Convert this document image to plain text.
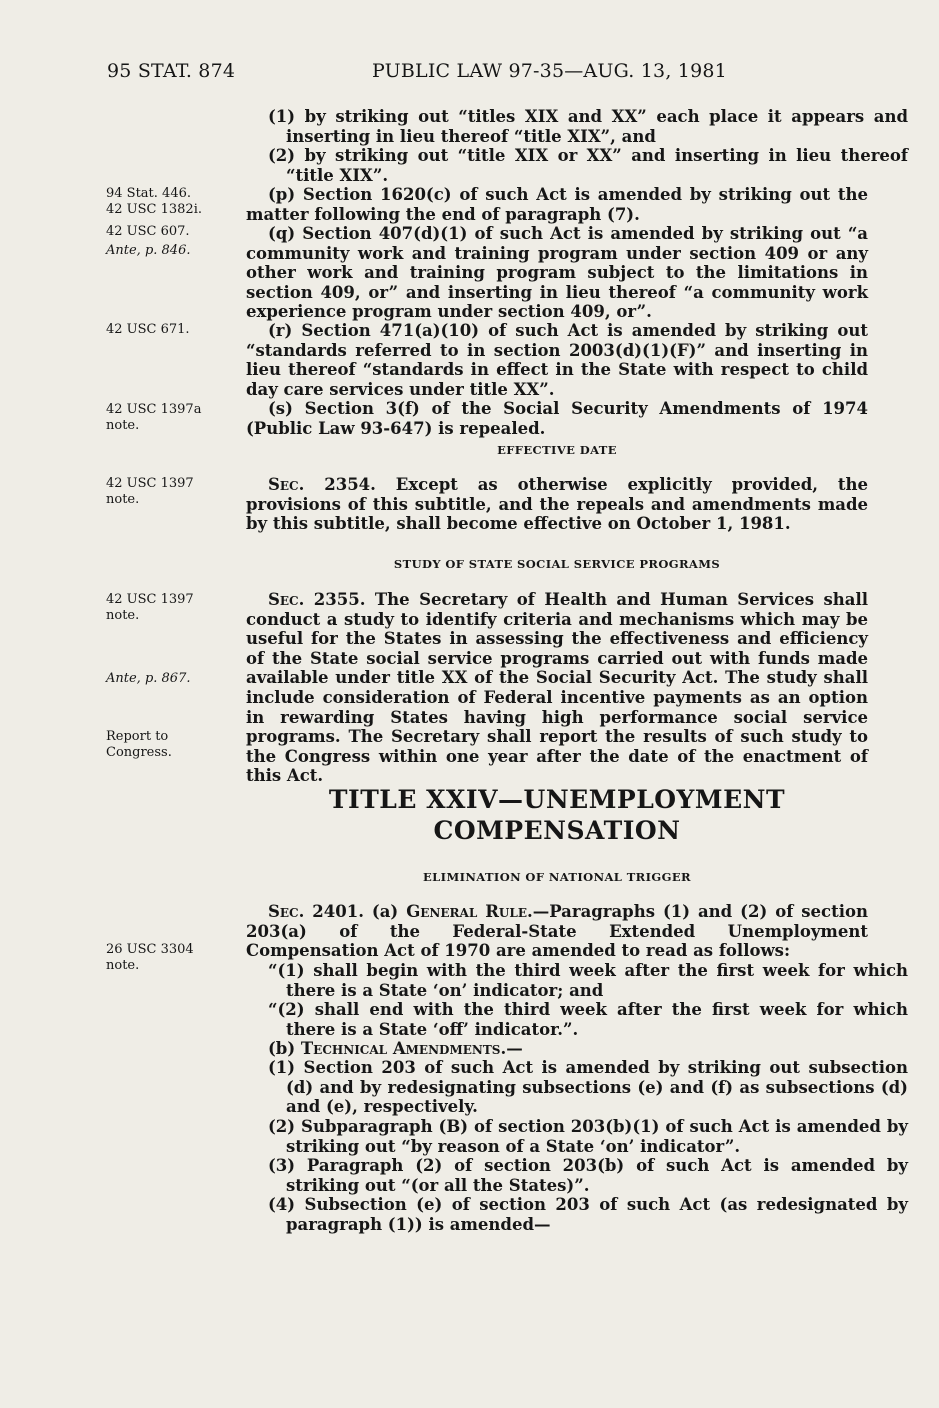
95 STAT. 874	PUBLIC LAW 97-35—AUG. 13, 1981
94 Stat. 446.
42 USC 1382i.
42 USC 607.
Ante, p. 846.
42 USC 671.
42 USC 1397a
note.
42 USC 1397
note.
42 USC 1397
note.
Ante, p. 867.
Report to
Congress.
26 USC 3304
note.
(1) by striking out “titles XIX and XX” each place it appears and inserting in lieu thereof “title XIX”, and
(2) by striking out “title XIX or XX” and inserting in lieu thereof “title XIX”.
(p) Section 1620(c) of such Act is amended by striking out the matter following the end of paragraph (7).
(q) Section 407(d)(1) of such Act is amended by striking out “a community work and training program under section 409 or any other work and training program subject to the limitations in section 409, or” and inserting in lieu thereof “a community work experience program under section 409, or”.
(r) Section 471(a)(10) of such Act is amended by striking out “standards referred to in section 2003(d)(1)(F)” and inserting in lieu thereof “standards in effect in the State with respect to child day care services under title XX”.
(s) Section 3(f) of the Social Security Amendments of 1974 (Public Law 93-647) is repealed.
EFFECTIVE DATE
Sec. 2354. Except as otherwise explicitly provided, the provisions of this subtitle, and the repeals and amendments made by this subtitle, shall become effective on October 1, 1981.
STUDY OF STATE SOCIAL SERVICE PROGRAMS
Sec. 2355. The Secretary of Health and Human Services shall conduct a study to identify criteria and mechanisms which may be useful for the States in assessing the effectiveness and efficiency of the State social service programs carried out with funds made available under title XX of the Social Security Act. The study shall include consideration of Federal incentive payments as an option in rewarding States having high performance social service programs. The Secretary shall report the results of such study to the Congress within one year after the date of the enactment of this Act.
TITLE XXIV—UNEMPLOYMENT
COMPENSATION
ELIMINATION OF NATIONAL TRIGGER
Sec. 2401. (a) General Rule.—Paragraphs (1) and (2) of section 203(a) of the Federal-State Extended Unemployment Compensation Act of 1970 are amended to read as follows:
“(1) shall begin with the third week after the first week for which there is a State ‘on’ indicator; and
“(2) shall end with the third week after the first week for which there is a State ‘off’ indicator.”.
(b) Technical Amendments.—
(1) Section 203 of such Act is amended by striking out subsection (d) and by redesignating subsections (e) and (f) as subsections (d) and (e), respectively.
(2) Subparagraph (B) of section 203(b)(1) of such Act is amended by striking out “by reason of a State ‘on’ indicator”.
(3) Paragraph (2) of section 203(b) of such Act is amended by striking out “(or all the States)”.
(4) Subsection (e) of section 203 of such Act (as redesignated by paragraph (1)) is amended—
